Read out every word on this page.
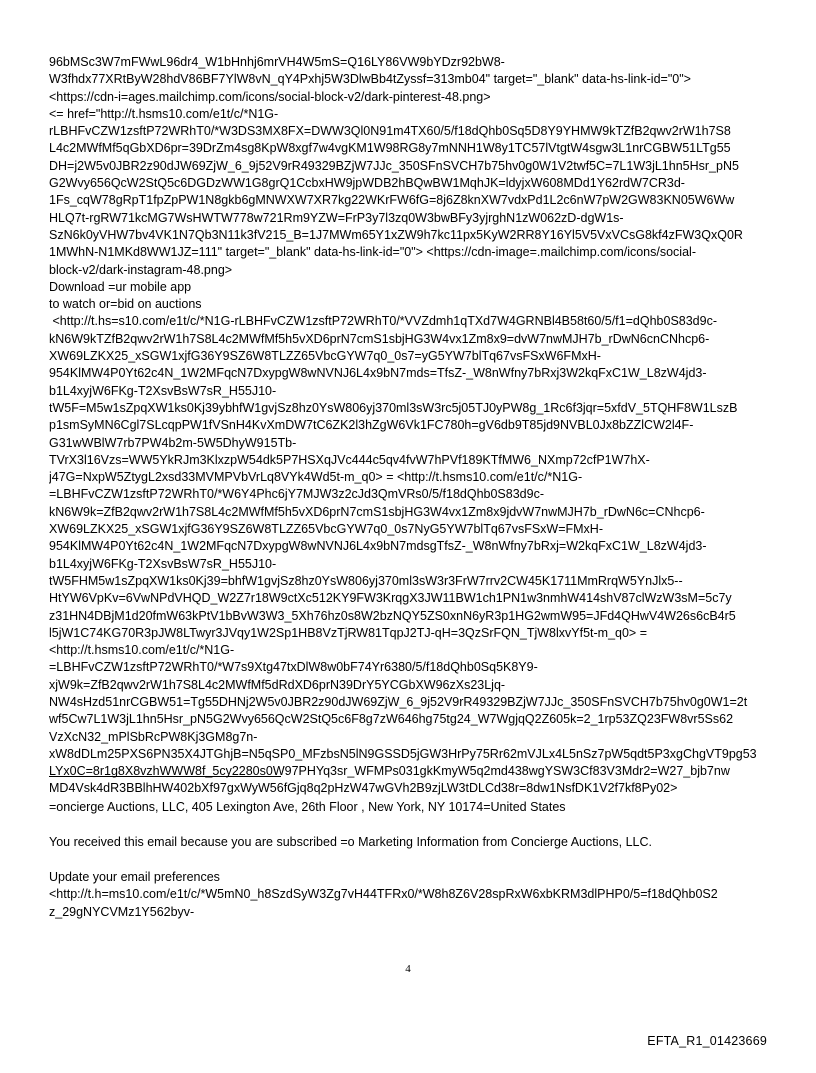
96bMSc3W7mFWwL96dr4_W1bHnhj6mrVH4W5mS=Q16LY86VW9bYDzr92bW8-
W3fhdx77XRtByW28hdV86BF7YlW8vN_qY4Pxhj5W3DlwBb4tZyssf=313mb04" target="_blank" data-hs-link-id="0">
<https://cdn-i=ages.mailchimp.com/icons/social-block-v2/dark-pinterest-48.png>
<= href="http://t.hsms10.com/e1t/c/*N1G-
rLBHFvCZW1zsftP72WRhT0/*W3DS3MX8FX=DWW3Ql0N91m4TX60/5/f18dQhb0Sq5D8Y9YHMW9kTZfB2qwv2rW1h7S8
L4c2MWfMf5qGbXD6pr=39DrZm4sg8KpW8xgf7w4vgKM1W98RG8y7mNNH1W8y1TC57lVtgtW4sgw3L1nrCGBW51LTg55
DH=j2W5v0JBR2z90dJW69ZjW_6_9j52V9rR49329BZjW7JJc_350SFnSVCH7b75hv0g0W1V2twf5C=7L1W3jL1hn5Hsr_pN5
G2Wvy656QcW2StQ5c6DGDzWW1G8grQ1CcbxHW9jpWDB2hBQwBW1MqhJK=ldyjxW608MDd1Y62rdW7CR3d-
1Fs_cqW78gRpT1fpZpPW1N8gkb6gMNWXW7XR7kg22WKrFW6fG=8j6Z8knXW7vdxPd1L2c6nW7pW2GW83KN05W6Ww
HLQ7t-rgRW71kcMG7WsHWTW778w721Rm9YZW=FrP3y7l3zq0W3bwBFy3yjrghN1zW062zD-dgW1s-
SzN6k0yVHW7bv4VK1N7Qb3N11k3fV215_B=1J7MWm65Y1xZW9h7kc11px5KyW2RR8Y16Yl5V5VxVCsG8kf4zFW3QxQ0R
1MWhN-N1MKd8WW1JZ=111" target="_blank" data-hs-link-id="0"> <https://cdn-image=.mailchimp.com/icons/social-
block-v2/dark-instagram-48.png>
Download =ur mobile app
to watch or=bid on auctions
<http://t.hs=s10.com/e1t/c/*N1G-rLBHFvCZW1zsftP72WRhT0/*VVZdmh1qTXd7W4GRNBl4B58t60/5/f1=dQhb0S83d9c-
kN6W9kTZfB2qwv2rW1h7S8L4c2MWfMf5h5vXD6prN7cmS1sbjHG3W4vx1Zm8x9=dvW7nwMJH7b_rDwN6cnCNhcp6-
XW69LZKX25_xSGW1xjfG36Y9SZ6W8TLZZ65VbcGYW7q0_0s7=yG5YW7blTq67vsFSxW6FMxH-
954KlMW4P0Yt62c4N_1W2MFqcN7DxypgW8wNVNJ6L4x9bN7mds=TfsZ-_W8nWfny7bRxj3W2kqFxC1W_L8zW4jd3-
b1L4xyjW6FKg-T2XsvBsW7sR_H55J10-
tW5F=M5w1sZpqXW1ks0Kj39ybhfW1gvjSz8hz0YsW806yj370ml3sW3rc5j05TJ0yPW8g_1Rc6f3jqr=5xfdV_5TQHF8W1LszB
p1smSyMN6Cgl7SLcqpPW1fVSnH4KvXmDW7tC6ZK2l3hZgW6Vk1FC780h=gV6db9T85jd9NVBL0Jx8bZZlCW2l4F-
G31wWBlW7rb7PW4b2m-5W5DhyW915Tb-
TVrX3l16Vzs=WW5YkRJm3KlxzpW54dk5P7HSXqJVc444c5qv4fvW7hPVf189KTfMW6_NXmp72cfP1W7hX-
j47G=NxpW5ZtygL2xsd33MVMPVbVrLq8VYk4Wd5t-m_q0> = <http://t.hsms10.com/e1t/c/*N1G-
=LBHFvCZW1zsftP72WRhT0/*W6Y4Phc6jY7MJW3z2cJd3QmVRs0/5/f18dQhb0S83d9c-
kN6W9k=ZfB2qwv2rW1h7S8L4c2MWfMf5h5vXD6prN7cmS1sbjHG3W4vx1Zm8x9jdvW7nwMJH7b_rDwN6c=CNhcp6-
XW69LZKX25_xSGW1xjfG36Y9SZ6W8TLZZ65VbcGYW7q0_0s7NyG5YW7blTq67vsFSxW=FMxH-
954KlMW4P0Yt62c4N_1W2MFqcN7DxypgW8wNVNJ6L4x9bN7mdsgTfsZ-_W8nWfny7bRxj=W2kqFxC1W_L8zW4jd3-
b1L4xyjW6FKg-T2XsvBsW7sR_H55J10-
tW5FHM5w1sZpqXW1ks0Kj39=bhfW1gvjSz8hz0YsW806yj370ml3sW3r3FrW7rrv2CW45K1711MmRrqW5YnJlx5--
HtYW6VpKv=6VwNPdVHQD_W2Z7r18W9ctXc512KY9FW3KrqgX3JW11BW1ch1PN1w3nmhW414shV87clWzW3sM=5c7y
z31HN4DBjM1d20fmW63kPtV1bBvW3W3_5Xh76hz0s8W2bzNQY5ZS0xnN6yR3p1HG2wmW95=JFd4QHwV4W26s6cB4r5
l5jW1C74KG70R3pJW8LTwyr3JVqy1W2Sp1HB8VzTjRW81TqpJ2TJ-qH=3QzSrFQN_TjW8lxvYf5t-m_q0> =
<http://t.hsms10.com/e1t/c/*N1G-
=LBHFvCZW1zsftP72WRhT0/*W7s9Xtg47txDlW8w0bF74Yr6380/5/f18dQhb0Sq5K8Y9-
xjW9k=ZfB2qwv2rW1h7S8L4c2MWfMf5dRdXD6prN39DrY5YCGbXW96zXs23Ljq-
NW4sHzd51nrCGBW51=Tg55DHNj2W5v0JBR2z90dJW69ZjW_6_9j52V9rR49329BZjW7JJc_350SFnSVCH7b75hv0g0W1=2t
wf5Cw7L1W3jL1hn5Hsr_pN5G2Wvy656QcW2StQ5c6F8g7zW646hg75tg24_W7WgjqQ2Z605k=2_1rp53ZQ23FW8vr5Ss62
VzXcN32_mPlSbRcPW8Kj3GM8g7n-
xW8dDLm25PXS6PN35X4JTGhjB=N5qSP0_MFzbsN5lN9GSSD5jGW3HrPy75Rr62mVJLx4L5nSz7pW5qdt5P3xgChgVT9pg53
LYx0C=8r1g8X8vzhWWW8f_5cy2280s0W97PHYq3sr_WFMPs031gkKmyW5q2md438wgYSW3Cf83V3Mdr2=W27_bjb7nw
MD4Vsk4dR3BBlhHW402bXf97gxWyW56fGjq8q2pHzW47wGVh2B9zjLW3tDLCd38r=8dw1NsfDK1V2f7kf8Py02>

=oncierge Auctions, LLC, 405 Lexington Ave, 26th Floor , New York, NY 10174=United States

You received this email because you are subscribed =o Marketing Information from Concierge Auctions, LLC.

Update your email preferences

<http://t.h=ms10.com/e1t/c/*W5mN0_h8SzdSyW3Zg7vH44TFRx0/*W8h8Z6V28spRxW6xbKRM3dlPHP0/5=f18dQhb0S2
z_29gNYCVMz1Y562byv-
4
EFTA_R1_01423669
